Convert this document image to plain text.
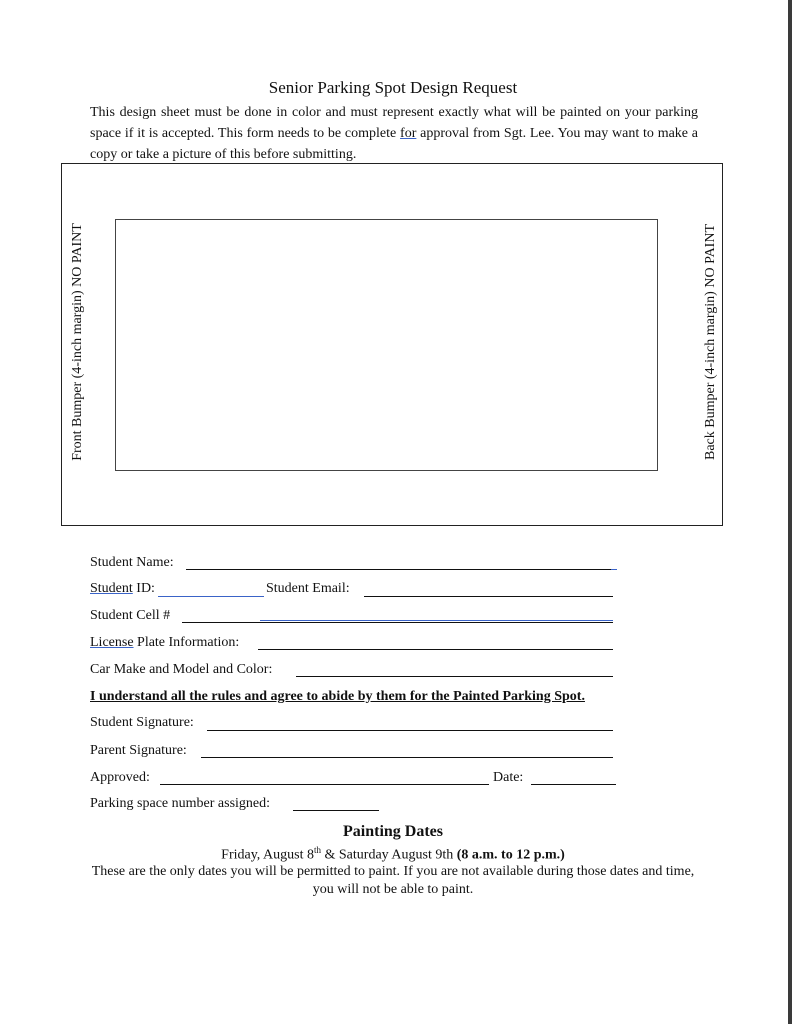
Senior Parking Spot Design Request
This design sheet must be done in color and must represent exactly what will be painted on your parking space if it is accepted. This form needs to be complete for approval from Sgt. Lee. You may want to make a copy or take a picture of this before submitting.
Front Bumper (4-inch margin) NO PAINT	Back Bumper (4-inch margin) NO PAINT
Student Name:
Student ID:	Student Email:
Student Cell #
License Plate Information:
Car Make and Model and Color:
I understand all the rules and agree to abide by them for the Painted Parking Spot.
Student Signature:
Parent Signature:
Approved:	Date:
Parking space number assigned:
Painting Dates
Friday, August 8th & Saturday August 9th (8 a.m. to 12 p.m.)
These are the only dates you will be permitted to paint. If you are not available during those dates and time, you will not be able to paint.
